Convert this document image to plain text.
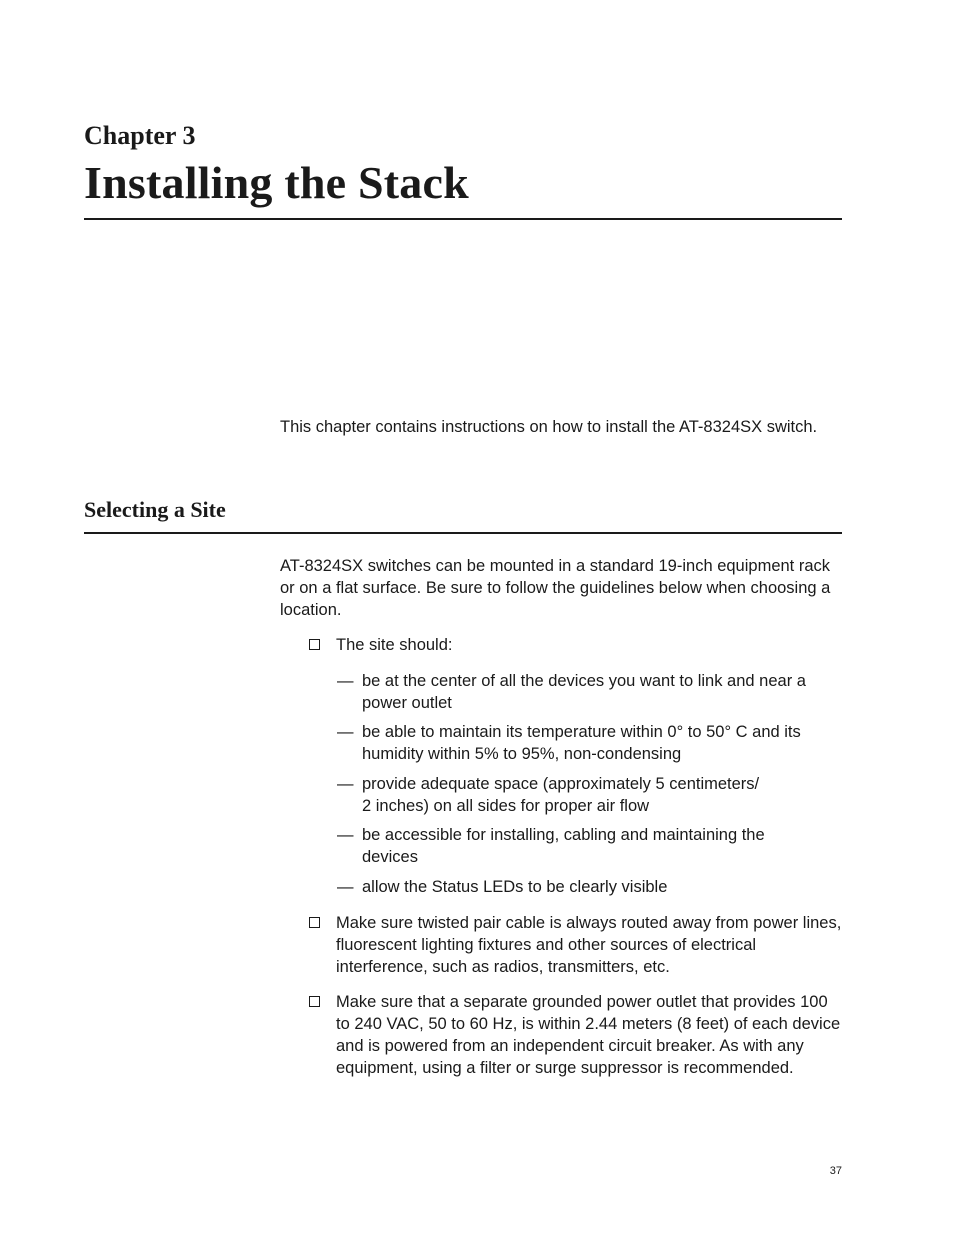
Chapter 3
Installing the Stack
This chapter contains instructions on how to install the AT-8324SX switch.
Selecting a Site
AT-8324SX switches can be mounted in a standard 19-inch equipment rack or on a flat surface. Be sure to follow the guidelines below when choosing a location.
The site should:
— be at the center of all the devices you want to link and near a
power outlet
— be able to maintain its temperature within 0° to 50° C and its
humidity within 5% to 95%, non-condensing
— provide adequate space (approximately 5 centimeters/
2 inches) on all sides for proper air flow
— be accessible for installing, cabling and maintaining the
devices
— allow the Status LEDs to be clearly visible
Make sure twisted pair cable is always routed away from power lines, fluorescent lighting fixtures and other sources of electrical interference, such as radios, transmitters, etc.
Make sure that a separate grounded power outlet that provides 100 to 240 VAC, 50 to 60 Hz, is within 2.44 meters (8 feet) of each device and is powered from an independent circuit breaker. As with any equipment, using a filter or surge suppressor is recommended.
37
